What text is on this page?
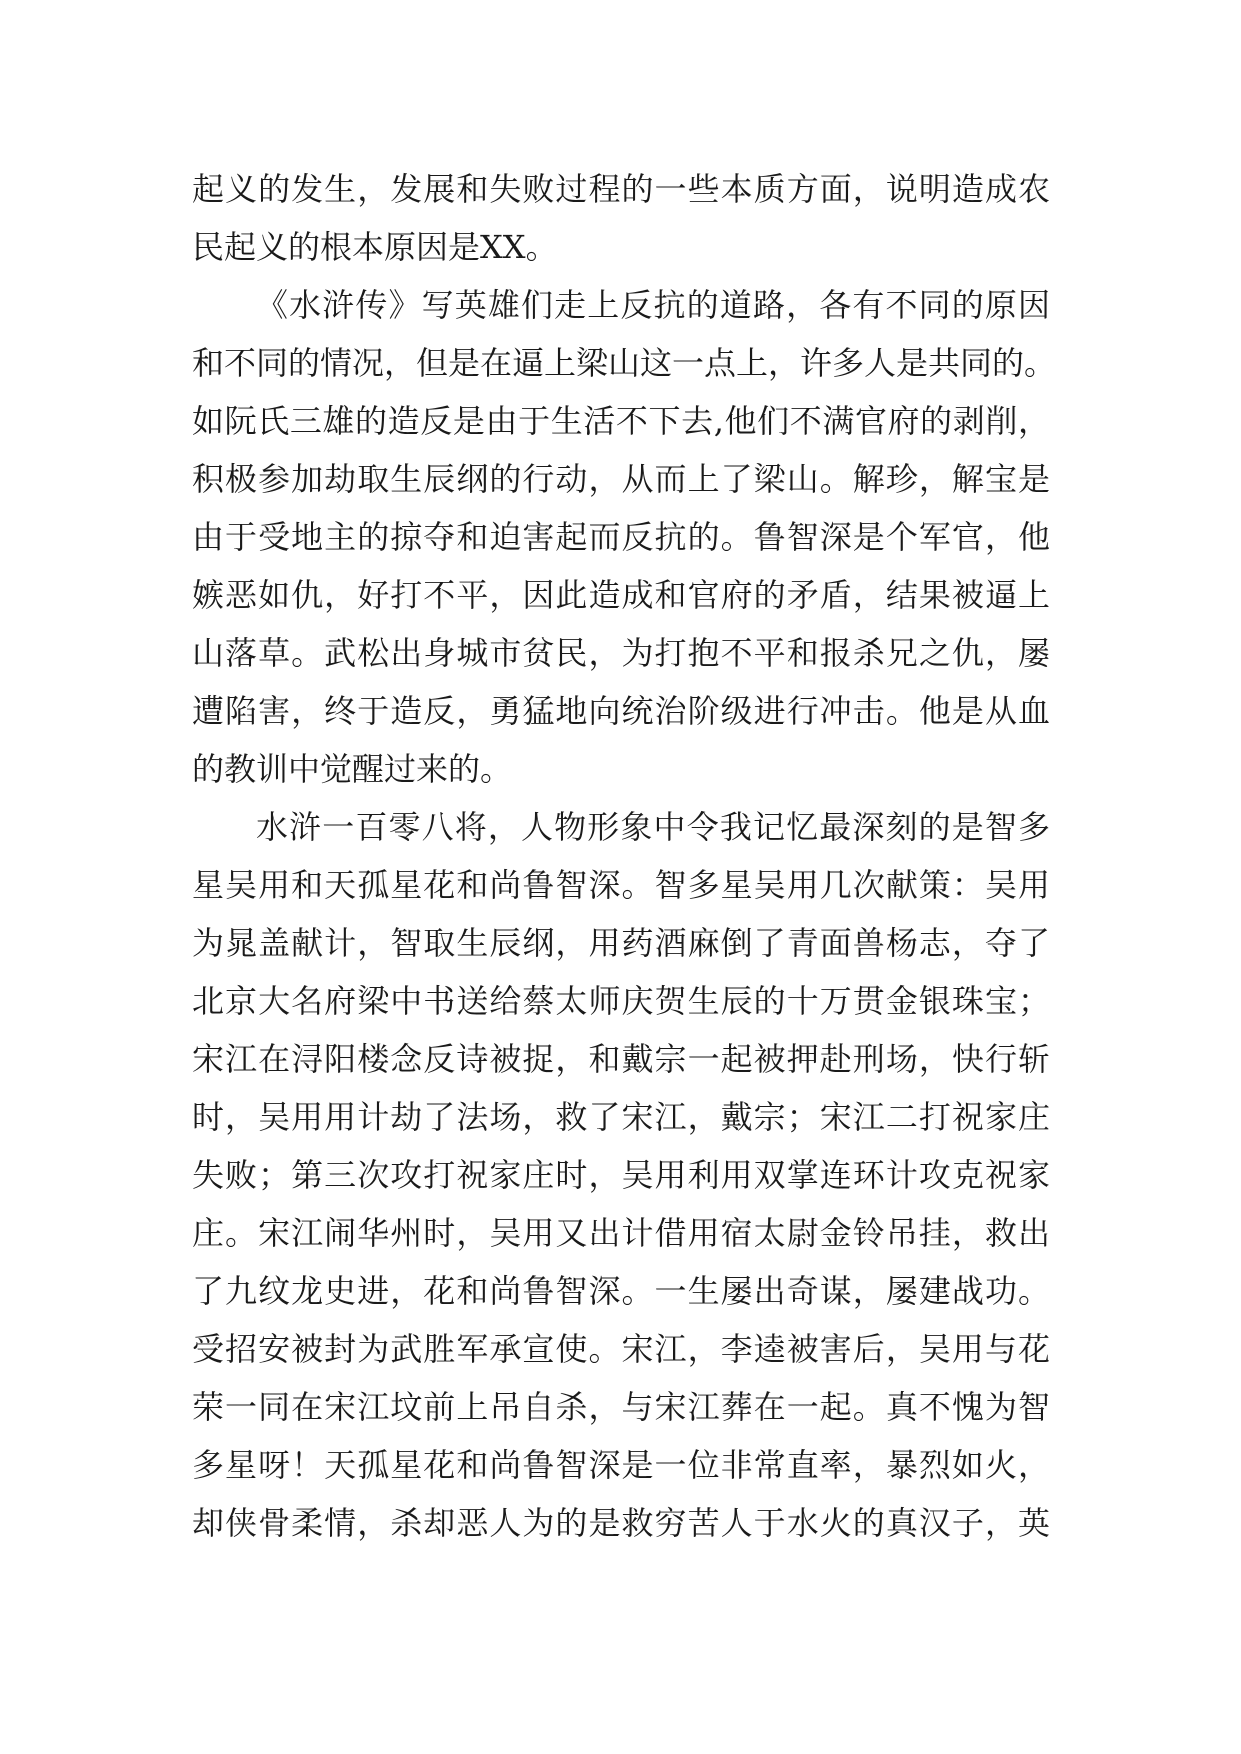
起义的发生，发展和失败过程的一些本质方面，说明造成农
民起义的根本原因是XX。
《水浒传》写英雄们走上反抗的道路，各有不同的原因
和不同的情况，但是在逼上梁山这一点上，许多人是共同的。
如阮氏三雄的造反是由于生活不下去,他们不满官府的剥削，
积极参加劫取生辰纲的行动，从而上了梁山。解珍，解宝是
由于受地主的掠夺和迫害起而反抗的。鲁智深是个军官，他
嫉恶如仇，好打不平，因此造成和官府的矛盾，结果被逼上
山落草。武松出身城市贫民，为打抱不平和报杀兄之仇，屡
遭陷害，终于造反，勇猛地向统治阶级进行冲击。他是从血
的教训中觉醒过来的。
水浒一百零八将，人物形象中令我记忆最深刻的是智多
星吴用和天孤星花和尚鲁智深。智多星吴用几次献策：吴用
为晁盖献计，智取生辰纲，用药酒麻倒了青面兽杨志，夺了
北京大名府梁中书送给蔡太师庆贺生辰的十万贯金银珠宝；
宋江在浔阳楼念反诗被捉，和戴宗一起被押赴刑场，快行斩
时，吴用用计劫了法场，救了宋江，戴宗；宋江二打祝家庄
失败；第三次攻打祝家庄时，吴用利用双掌连环计攻克祝家
庄。宋江闹华州时，吴用又出计借用宿太尉金铃吊挂，救出
了九纹龙史进，花和尚鲁智深。一生屡出奇谋，屡建战功。
受招安被封为武胜军承宣使。宋江，李逵被害后，吴用与花
荣一同在宋江坟前上吊自杀，与宋江葬在一起。真不愧为智
多星呀！天孤星花和尚鲁智深是一位非常直率，暴烈如火，
却侠骨柔情，杀却恶人为的是救穷苦人于水火的真汉子，英
